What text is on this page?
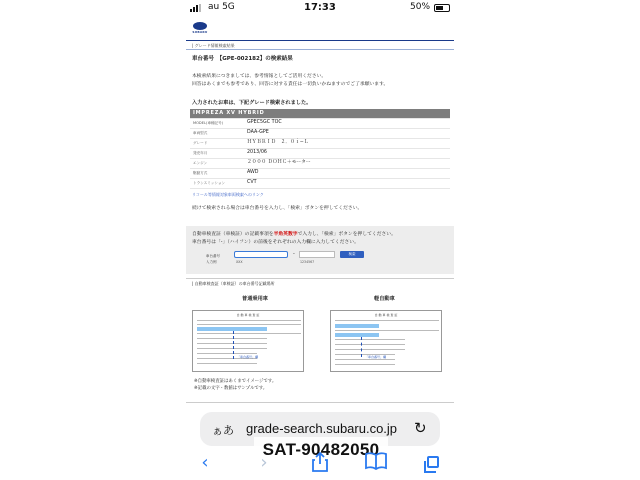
au 5G	17:33	50%
SUBARU
| グレード情報検索結果
車台番号　【GPE-002182】の検索結果
本検索結果につきましては、参考情報としてご活用ください。
回答はあくまでも参考であり、回答に対する責任は一切負いかねますのでご了承願います。
入力されたお車は、下記グレード検索されました。
IMPREZA XV HYBRID	
MODEL(車種記号)	GPEC5GC TOC
車両型式	DAA-GPE
グレード	ＨＹＢＲＩＤ　２．０ｉ−Ｌ
発売年月	2013/06
エンジン	２０００ ＤＯＨＣ＋モーター
駆動方式	AWD
トランスミッション	CVT
リコール等情報対象車両検索へのリンク
続けて検索される場合は車台番号を入力し、「検索」ボタンを押してください。
自動車検査証（車検証）の記載事項を半角英数字で入力し、「検索」ボタンを押してください。
車台番号は「-」（ハイフン）の前後をそれぞれの入力欄に入力してください。
車台番号
入力例	XXX
-
1234567
検索
| 自動車検査証（車検証）の車台番号記載場所
普通乗用車	軽自動車
自 動 車 検 査 証
「車台番号」欄
自 動 車 検 査 証
「車台番号」欄
※自動車検査証はあくまでイメージです。
※記載の文字・数値はサンプルです。
ぁあ grade-search.subaru.co.jp ↻
SAT-90482050
‹	›
